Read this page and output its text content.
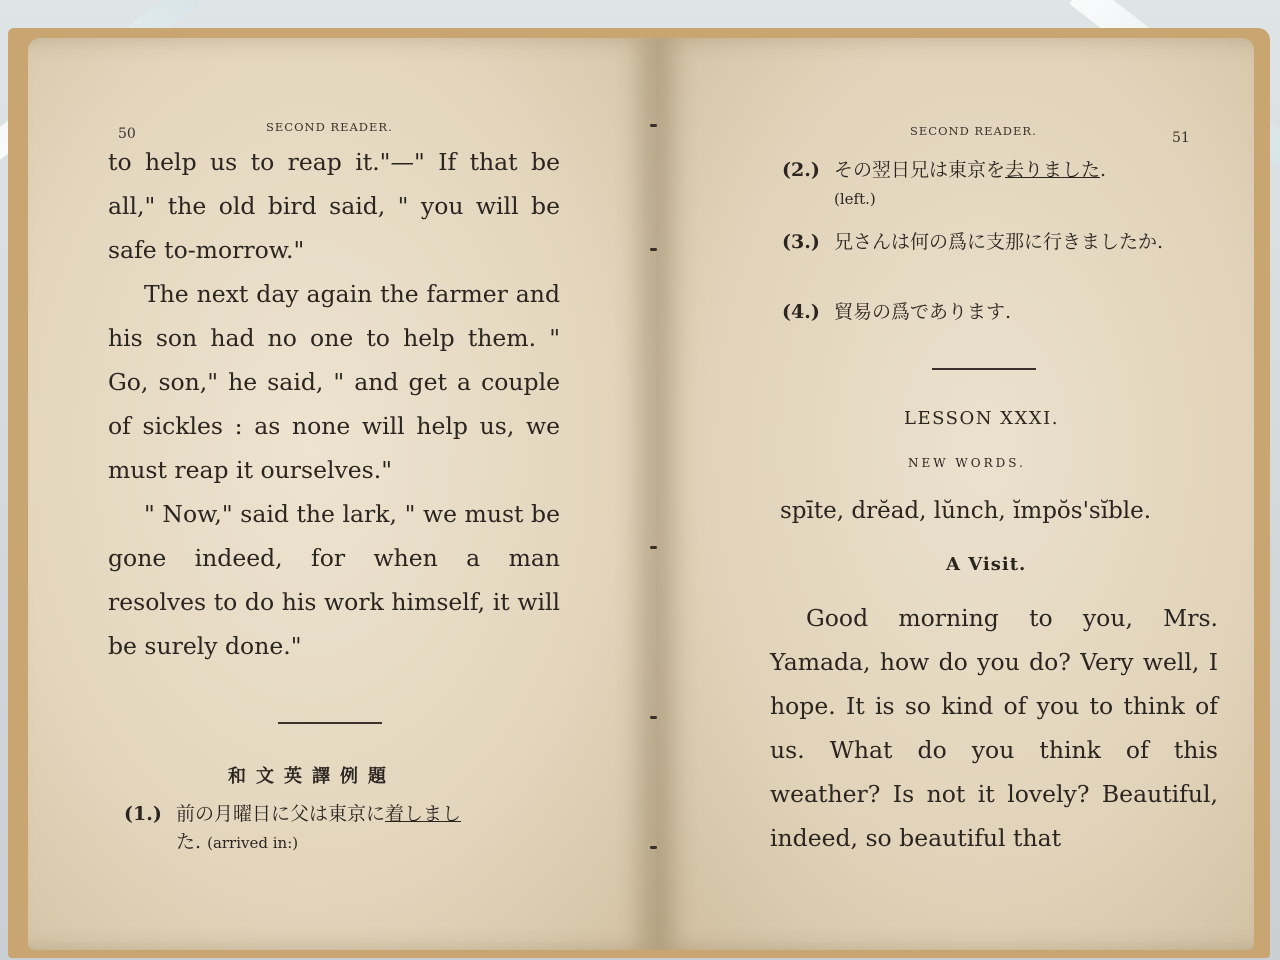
50	SECOND READER.

to help us to reap it."—" If that be all," the old bird said, " you will be safe to-morrow."

The next day again the farmer and his son had no one to help them. " Go, son," he said, " and get a couple of sickles : as none will help us, we must reap it ourselves."

" Now," said the lark, " we must be gone indeed, for when a man resolves to do his work himself, it will be surely done."

和文英譯例題
(1.) 前の月曜日に父は東京に着しまし
た. (arrived in:)
SECOND READER.	51
(2.) その翌日兄は東京を去りました.
(left.)
(3.) 兄さんは何の爲に支那に行きましたか.
(4.) 貿易の爲であります.
LESSON XXXI.
NEW WORDS.
spīte, drĕad, lŭnch, ĭmpŏs'sĭble.
A Visit.
Good morning to you, Mrs. Yamada, how do you do? Very well, I hope. It is so kind of you to think of us. What do you think of this weather? Is not it lovely? Beautiful, indeed, so beautiful that
